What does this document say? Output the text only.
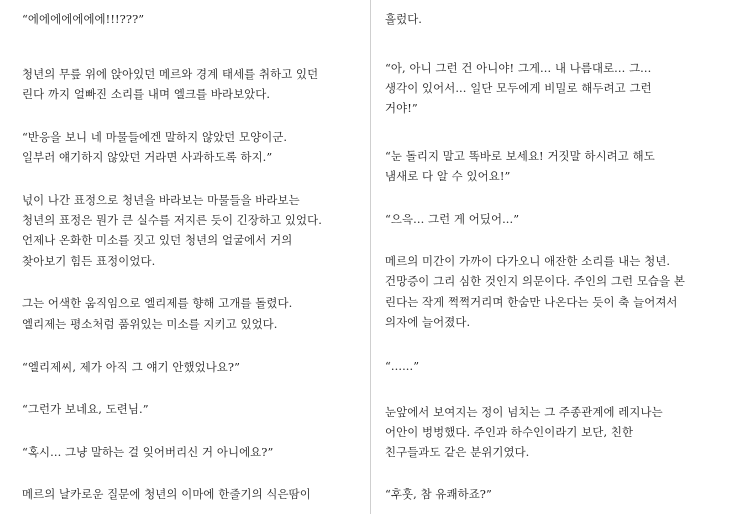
“에에에에에에에!!!???”
청년의 무릎 위에 앉아있던 메르와 경계 태세를 취하고 있던
린다 까지 얼빠진 소리를 내며 엘크를 바라보았다.
“반응을 보니 네 마물들에겐 말하지 않았던 모양이군.
일부러 얘기하지 않았던 거라면 사과하도록 하지.”
넋이 나간 표정으로 청년을 바라보는 마물들을 바라보는
청년의 표정은 뭔가 큰 실수를 저지른 듯이 긴장하고 있었다.
언제나 온화한 미소를 짓고 있던 청년의 얼굴에서 거의
찾아보기 힘든 표정이었다.
그는 어색한 움직임으로 엘리제를 향해 고개를 돌렸다.
엘리제는 평소처럼 품위있는 미소를 지키고 있었다.
“엘리제씨, 제가 아직 그 얘기 안했었나요?”
“그런가 보네요, 도련님.”
“혹시... 그냥 말하는 걸 잊어버리신 거 아니에요?”
메르의 날카로운 질문에 청년의 이마에 한줄기의 식은땀이
흘렀다.
“아, 아니 그런 건 아니야! 그게... 내 나름대로... 그...
생각이 있어서... 일단 모두에게 비밀로 해두려고 그런
거야!”
“눈 돌리지 말고 똑바로 보세요! 거짓말 하시려고 해도
냄새로 다 알 수 있어요!”
“으윽... 그런 게 어딨어...”
메르의 미간이 가까이 다가오니 애잔한 소리를 내는 청년.
건망증이 그리 심한 것인지 의문이다. 주인의 그런 모습을 본
린다는 작게 쩍쩍거리며 한숨만 나온다는 듯이 축 늘어져서
의자에 늘어졌다.
“......”
눈앞에서 보여지는 정이 넘치는 그 주종관계에 레지나는
어안이 벙벙했다. 주인과 하수인이라기 보단, 친한
친구들과도 같은 분위기였다.
“후훗, 참 유쾌하죠?”
